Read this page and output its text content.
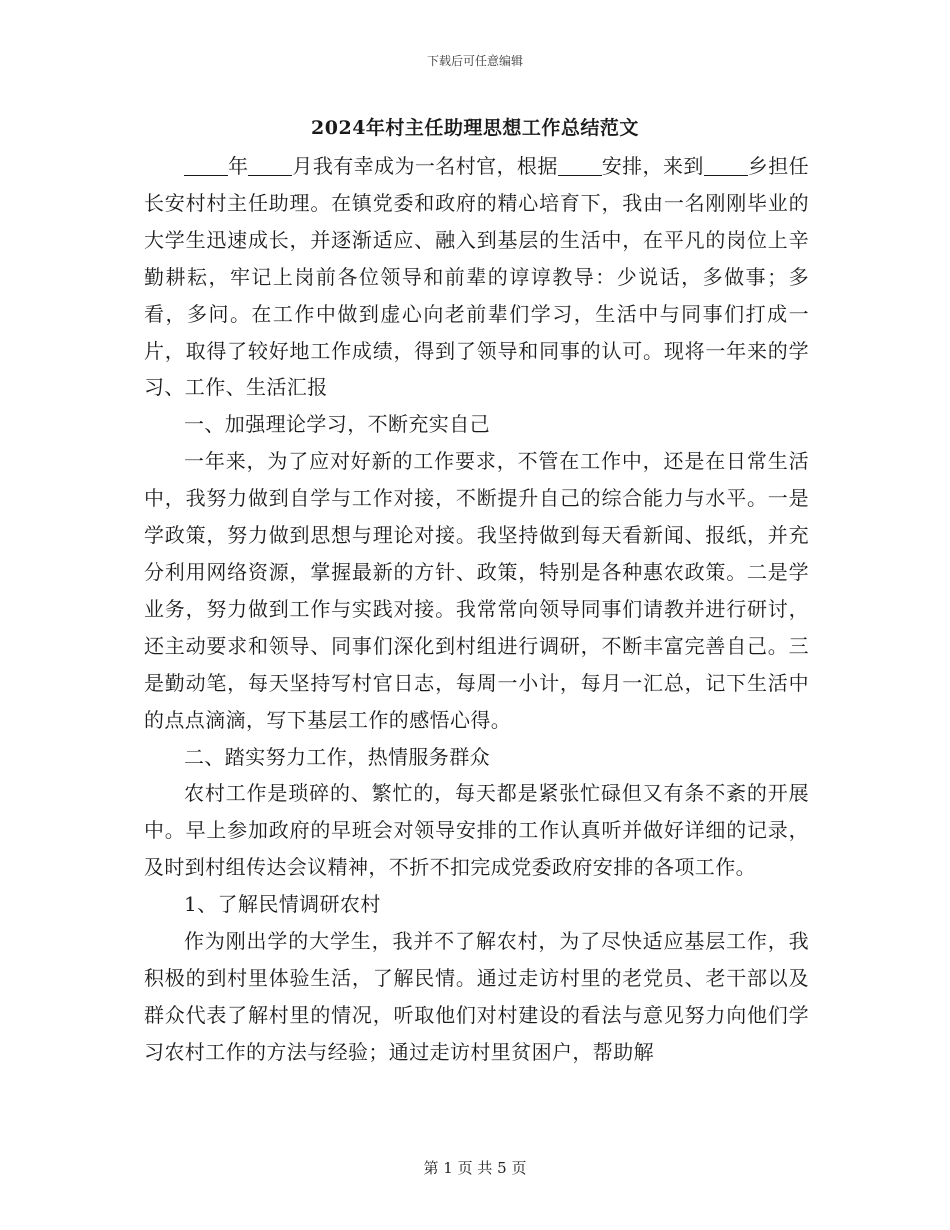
下载后可任意编辑
2024年村主任助理思想工作总结范文

年 月我有幸成为一名村官，根据 安排，来到 乡担任长安村村主任助理。在镇党委和政府的精心培育下，我由一名刚刚毕业的大学生迅速成长，并逐渐适应、融入到基层的生活中，在平凡的岗位上辛勤耕耘，牢记上岗前各位领导和前辈的谆谆教导：少说话，多做事；多看，多问。在工作中做到虚心向老前辈们学习，生活中与同事们打成一片，取得了较好地工作成绩，得到了领导和同事的认可。现将一年来的学习、工作、生活汇报

一、加强理论学习，不断充实自己

一年来，为了应对好新的工作要求，不管在工作中，还是在日常生活中，我努力做到自学与工作对接，不断提升自己的综合能力与水平。一是学政策，努力做到思想与理论对接。我坚持做到每天看新闻、报纸，并充分利用网络资源，掌握最新的方针、政策，特别是各种惠农政策。二是学业务，努力做到工作与实践对接。我常常向领导同事们请教并进行研讨，还主动要求和领导、同事们深化到村组进行调研，不断丰富完善自己。三是勤动笔，每天坚持写村官日志，每周一小计，每月一汇总，记下生活中的点点滴滴，写下基层工作的感悟心得。

二、踏实努力工作，热情服务群众

农村工作是琐碎的、繁忙的，每天都是紧张忙碌但又有条不紊的开展中。早上参加政府的早班会对领导安排的工作认真听并做好详细的记录，及时到村组传达会议精神，不折不扣完成党委政府安排的各项工作。

1、了解民情调研农村

作为刚出学的大学生，我并不了解农村，为了尽快适应基层工作，我积极的到村里体验生活，了解民情。通过走访村里的老党员、老干部以及群众代表了解村里的情况，听取他们对村建设的看法与意见努力向他们学习农村工作的方法与经验；通过走访村里贫困户，帮助解

第 1 页 共 5 页
